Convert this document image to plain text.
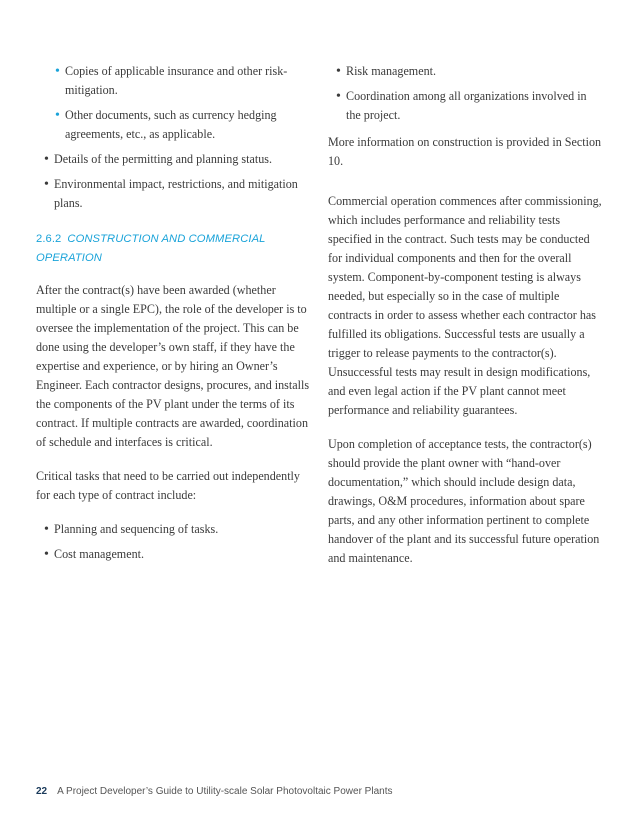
• Copies of applicable insurance and other risk-mitigation.
• Other documents, such as currency hedging agreements, etc., as applicable.
• Details of the permitting and planning status.
• Environmental impact, restrictions, and mitigation plans.
2.6.2 CONSTRUCTION AND COMMERCIAL OPERATION

After the contract(s) have been awarded (whether multiple or a single EPC), the role of the developer is to oversee the implementation of the project. This can be done using the developer’s own staff, if they have the expertise and experience, or by hiring an Owner’s Engineer. Each contractor designs, procures, and installs the components of the PV plant under the terms of its contract. If multiple contracts are awarded, coordination of schedule and interfaces is critical.

Critical tasks that need to be carried out independently for each type of contract include:

• Planning and sequencing of tasks.
• Cost management.
• Risk management.
• Coordination among all organizations involved in the project.

More information on construction is provided in Section 10.

Commercial operation commences after commissioning, which includes performance and reliability tests specified in the contract. Such tests may be conducted for individual components and then for the overall system. Component-by-component testing is always needed, but especially so in the case of multiple contracts in order to assess whether each contractor has fulfilled its obligations. Successful tests are usually a trigger to release payments to the contractor(s). Unsuccessful tests may result in design modifications, and even legal action if the PV plant cannot meet performance and reliability guarantees.

Upon completion of acceptance tests, the contractor(s) should provide the plant owner with “hand-over documentation,” which should include design data, drawings, O&M procedures, information about spare parts, and any other information pertinent to complete handover of the plant and its successful future operation and maintenance.

22 A Project Developer’s Guide to Utility-scale Solar Photovoltaic Power Plants
